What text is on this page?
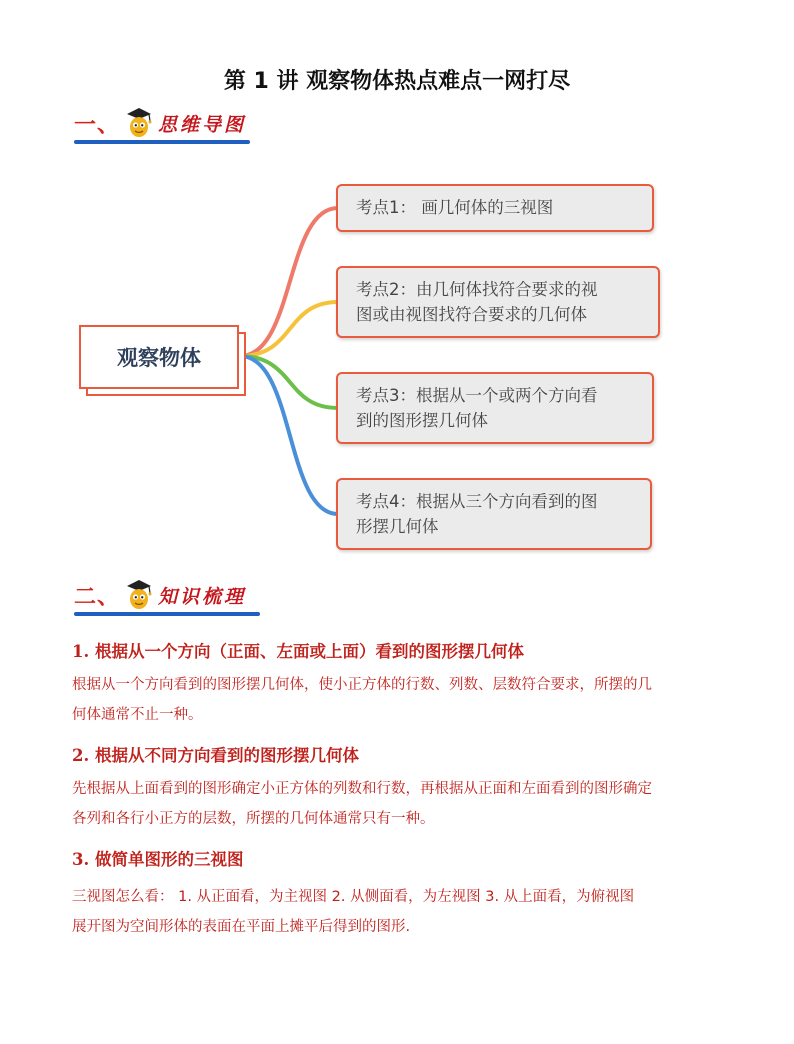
第 1 讲 观察物体热点难点一网打尽
一、 思维导图
观察物体
考点1： 画几何体的三视图
考点2：由几何体找符合要求的视
图或由视图找符合要求的几何体
考点3：根据从一个或两个方向看
到的图形摆几何体
考点4：根据从三个方向看到的图
形摆几何体
二、 知识梳理
1. 根据从一个方向（正面、左面或上面）看到的图形摆几何体
根据从一个方向看到的图形摆几何体，使小正方体的行数、列数、层数符合要求，所摆的几
何体通常不止一种。
2. 根据从不同方向看到的图形摆几何体
先根据从上面看到的图形确定小正方体的列数和行数，再根据从正面和左面看到的图形确定
各列和各行小正方的层数，所摆的几何体通常只有一种。
3. 做简单图形的三视图
三视图怎么看： 1. 从正面看，为主视图 2. 从侧面看，为左视图 3. 从上面看，为俯视图
展开图为空间形体的表面在平面上摊平后得到的图形.
